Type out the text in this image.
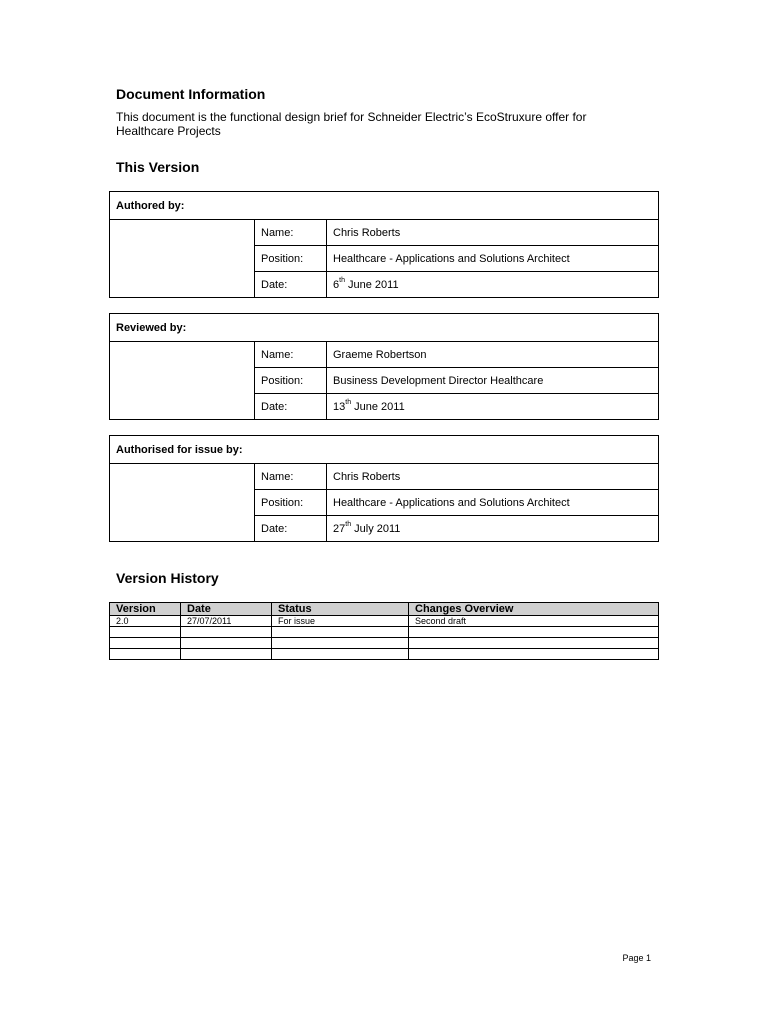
Document Information
This document is the functional design brief for Schneider Electric’s EcoStruxure offer for
Healthcare Projects
This Version
Authored by:		
	Name:	Chris Roberts
	Position:	Healthcare - Applications and Solutions Architect
	Date:	6th June 2011
Reviewed by:		
	Name:	Graeme Robertson
	Position:	Business Development Director Healthcare
	Date:	13th June 2011
Authorised for issue by:		
	Name:	Chris Roberts
	Position:	Healthcare - Applications and Solutions Architect
	Date:	27th July 2011
Version History
Version	Date	Status	Changes Overview
2.0	27/07/2011	For issue	Second draft

Page 1
